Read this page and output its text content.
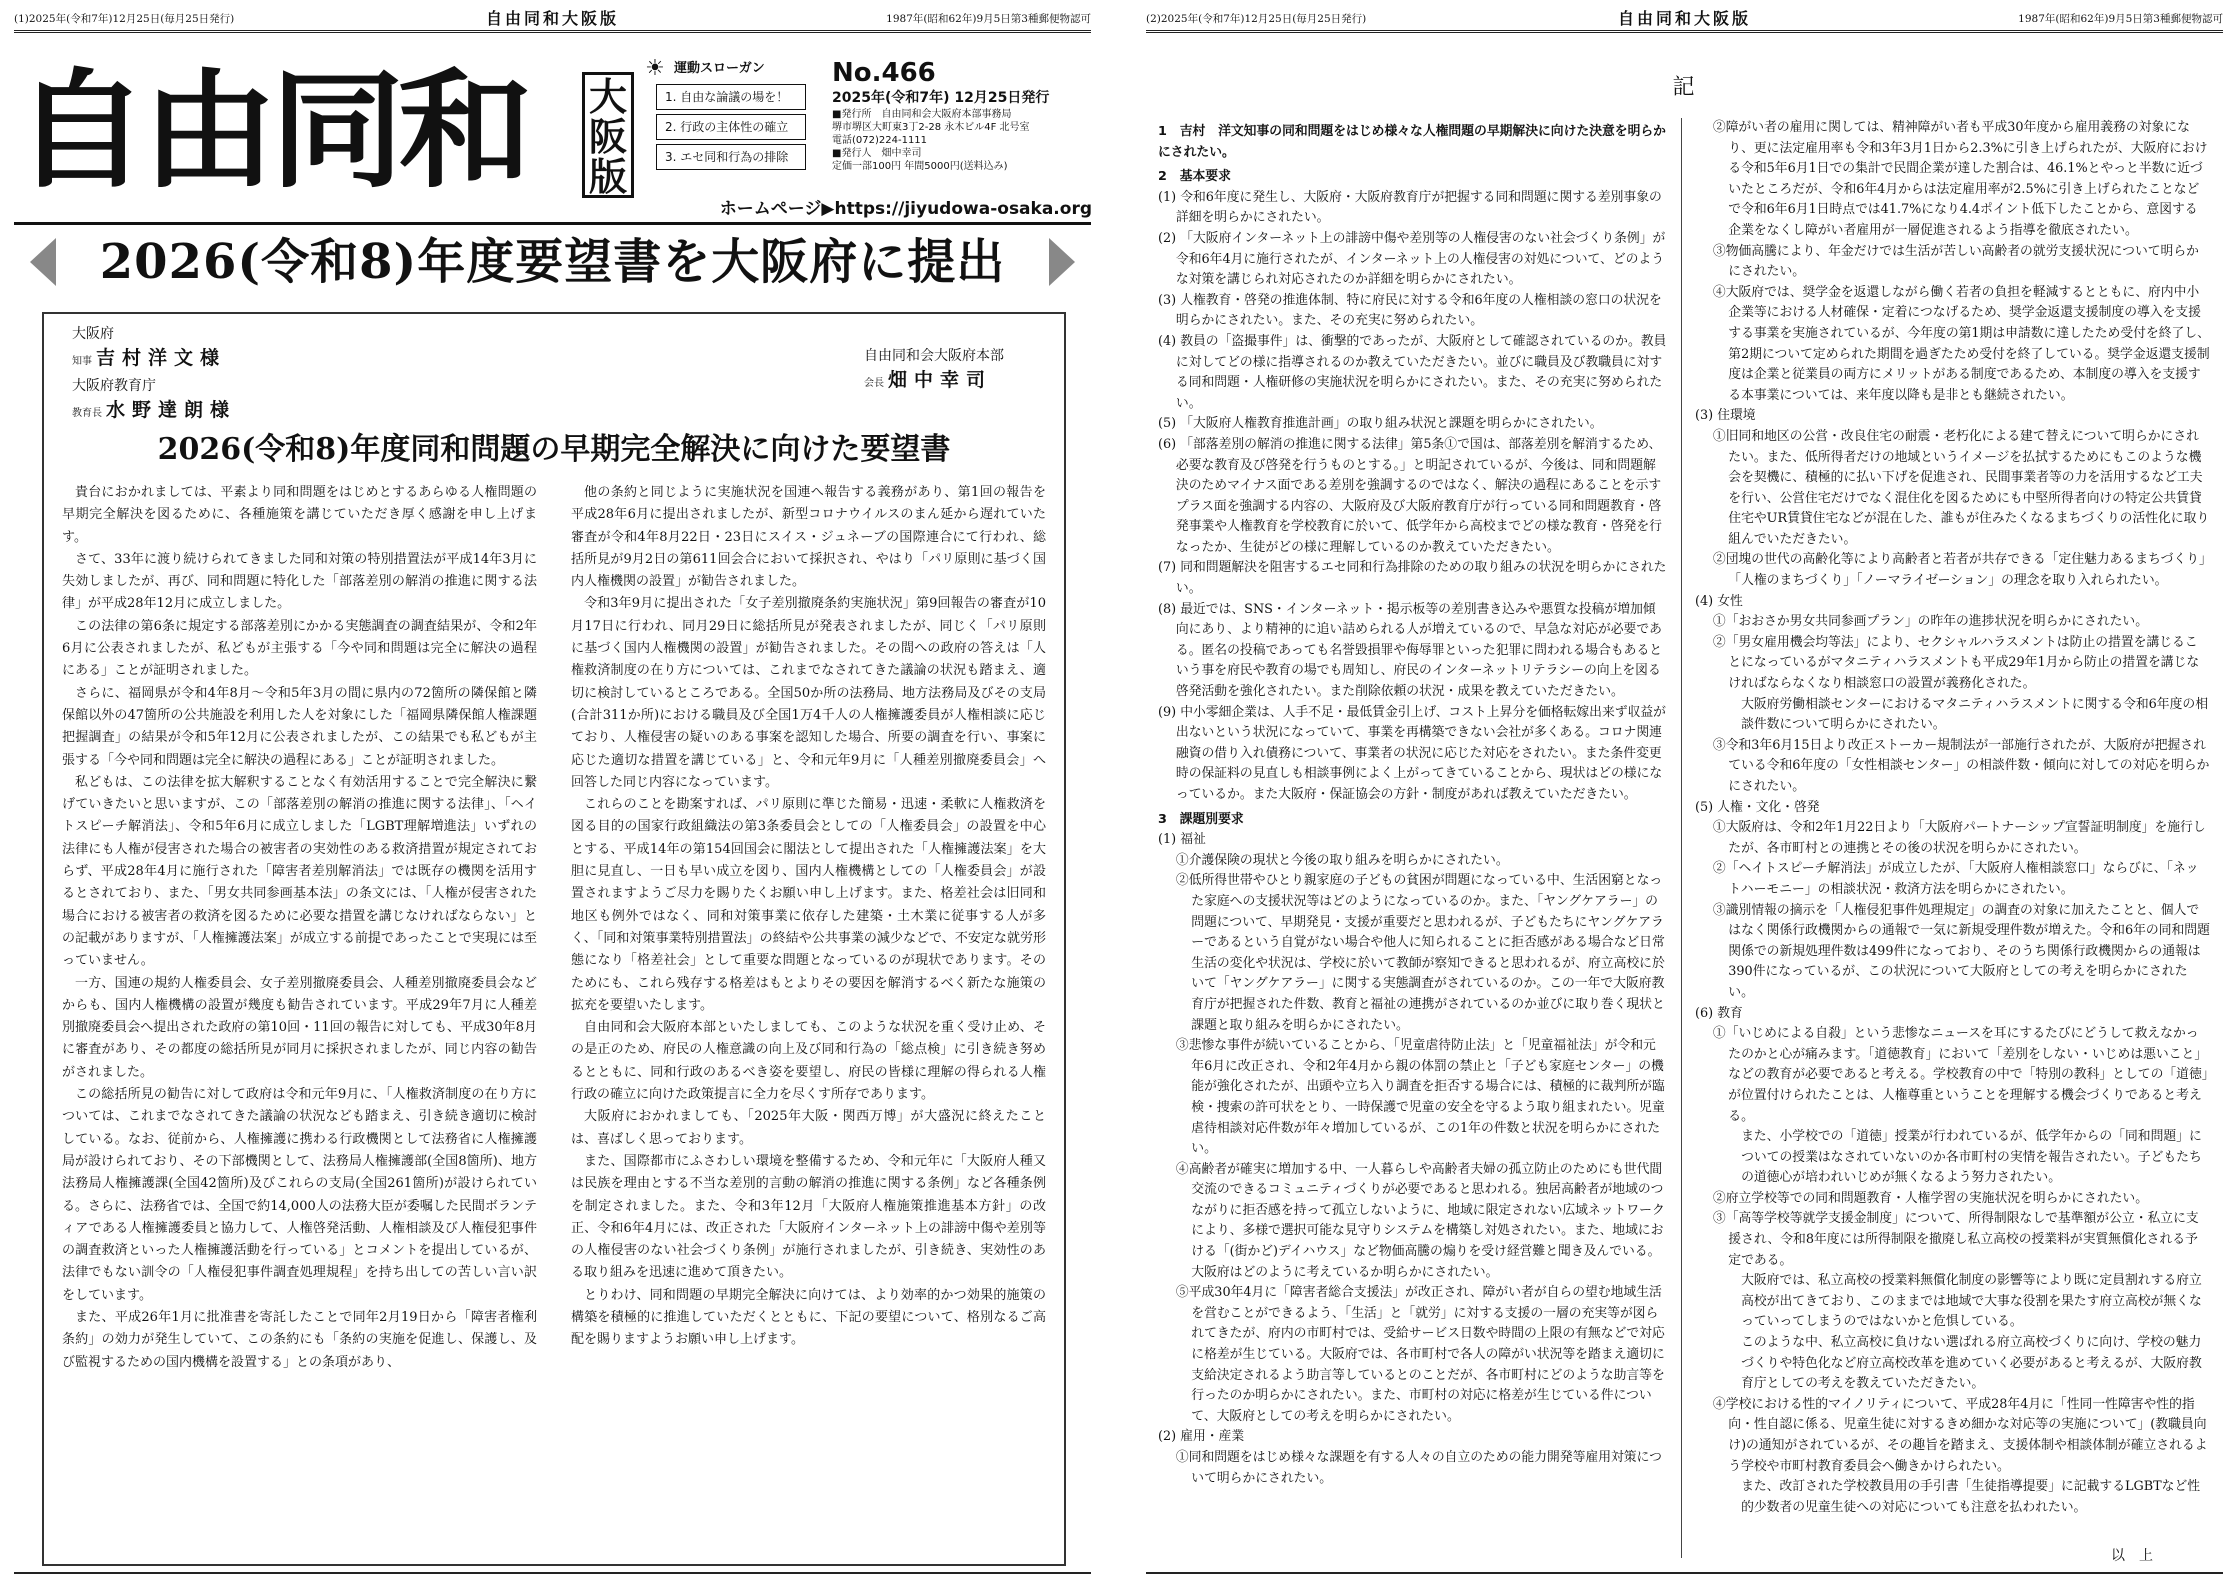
(1)2025年(令和7年)12月25日(毎月25日発行)	自由同和大阪版	1987年(昭和62年)9月5日第3種郵便物認可
自由同和	大阪版
☀ 運動スローガン
1. 自由な論議の場を！
2. 行政の主体性の確立
3. エセ同和行為の排除
No.466
2025年(令和7年) 12月25日発行
■発行所　自由同和会大阪府本部事務局
堺市堺区大町東3丁2-28 永木ビル4F 北号室
電話(072)224-1111
■発行人　畑中幸司
定価一部100円 年間5000円(送料込み)
ホームページ▶https://jiyudowa-osaka.org
2026(令和8)年度要望書を大阪府に提出
大阪府
知事 吉村洋文様
大阪府教育庁
教育長 水野達朗様
自由同和会大阪府本部
会長 畑中幸司
2026(令和8)年度同和問題の早期完全解決に向けた要望書

貴台におかれましては、平素より同和問題をはじめとするあらゆる人権問題の早期完全解決を図るために、各種施策を講じていただき厚く感謝を申し上げます。

さて、33年に渡り続けられてきました同和対策の特別措置法が平成14年3月に失効しましたが、再び、同和問題に特化した「部落差別の解消の推進に関する法律」が平成28年12月に成立しました。

この法律の第6条に規定する部落差別にかかる実態調査の調査結果が、令和2年6月に公表されましたが、私どもが主張する「今や同和問題は完全に解決の過程にある」ことが証明されました。

さらに、福岡県が令和4年8月～令和5年3月の間に県内の72箇所の隣保館と隣保館以外の47箇所の公共施設を利用した人を対象にした「福岡県隣保館人権課題把握調査」の結果が令和5年12月に公表されましたが、この結果でも私どもが主張する「今や同和問題は完全に解決の過程にある」ことが証明されました。

私どもは、この法律を拡大解釈することなく有効活用することで完全解決に繋げていきたいと思いますが、この「部落差別の解消の推進に関する法律」、「ヘイトスピーチ解消法」、令和5年6月に成立しました「LGBT理解増進法」いずれの法律にも人権が侵害された場合の被害者の実効性のある救済措置が規定されておらず、平成28年4月に施行された「障害者差別解消法」では既存の機関を活用するとされており、また、「男女共同参画基本法」の条文には、「人権が侵害された場合における被害者の救済を図るために必要な措置を講じなければならない」との記載がありますが、「人権擁護法案」が成立する前提であったことで実現には至っていません。

一方、国連の規約人権委員会、女子差別撤廃委員会、人種差別撤廃委員会などからも、国内人権機構の設置が幾度も勧告されています。平成29年7月に人種差別撤廃委員会へ提出された政府の第10回・11回の報告に対しても、平成30年8月に審査があり、その都度の総括所見が同月に採択されましたが、同じ内容の勧告がされました。

この総括所見の勧告に対して政府は令和元年9月に、「人権救済制度の在り方については、これまでなされてきた議論の状況なども踏まえ、引き続き適切に検討している。なお、従前から、人権擁護に携わる行政機関として法務省に人権擁護局が設けられており、その下部機関として、法務局人権擁護部(全国8箇所)、地方法務局人権擁護課(全国42箇所)及びこれらの支局(全国261箇所)が設けられている。さらに、法務省では、全国で約14,000人の法務大臣が委嘱した民間ボランティアである人権擁護委員と協力して、人権啓発活動、人権相談及び人権侵犯事件の調査救済といった人権擁護活動を行っている」とコメントを提出しているが、法律でもない訓令の「人権侵犯事件調査処理規程」を持ち出しての苦しい言い訳をしています。

また、平成26年1月に批准書を寄託したことで同年2月19日から「障害者権利条約」の効力が発生していて、この条約にも「条約の実施を促進し、保護し、及び監視するための国内機構を設置する」との条項があり、

他の条約と同じように実施状況を国連へ報告する義務があり、第1回の報告を平成28年6月に提出されましたが、新型コロナウイルスのまん延から遅れていた審査が令和4年8月22日・23日にスイス・ジュネーブの国際連合にて行われ、総括所見が9月2日の第611回会合において採択され、やはり「パリ原則に基づく国内人権機関の設置」が勧告されました。

令和3年9月に提出された「女子差別撤廃条約実施状況」第9回報告の審査が10月17日に行われ、同月29日に総括所見が発表されましたが、同じく「パリ原則に基づく国内人権機関の設置」が勧告されました。その間への政府の答えは「人権救済制度の在り方については、これまでなされてきた議論の状況も踏まえ、適切に検討しているところである。全国50か所の法務局、地方法務局及びその支局(合計311か所)における職員及び全国1万4千人の人権擁護委員が人権相談に応じており、人権侵害の疑いのある事案を認知した場合、所要の調査を行い、事案に応じた適切な措置を講じている」と、令和元年9月に「人種差別撤廃委員会」へ回答した同じ内容になっています。

これらのことを勘案すれば、パリ原則に準じた簡易・迅速・柔軟に人権救済を図る目的の国家行政組織法の第3条委員会としての「人権委員会」の設置を中心とする、平成14年の第154回国会に閣法として提出された「人権擁護法案」を大胆に見直し、一日も早い成立を図り、国内人権機構としての「人権委員会」が設置されますようご尽力を賜りたくお願い申し上げます。また、格差社会は旧同和地区も例外ではなく、同和対策事業に依存した建築・土木業に従事する人が多く、「同和対策事業特別措置法」の終結や公共事業の減少などで、不安定な就労形態になり「格差社会」として重要な問題となっているのが現状であります。そのためにも、これら残存する格差はもとよりその要因を解消するべく新たな施策の拡充を要望いたします。

自由同和会大阪府本部といたしましても、このような状況を重く受け止め、その是正のため、府民の人権意識の向上及び同和行為の「総点検」に引き続き努めるとともに、同和行政のあるべき姿を要望し、府民の皆様に理解の得られる人権行政の確立に向けた政策提言に全力を尽くす所存であります。

大阪府におかれましても、「2025年大阪・関西万博」が大盛況に終えたことは、喜ばしく思っております。

また、国際都市にふさわしい環境を整備するため、令和元年に「大阪府人種又は民族を理由とする不当な差別的言動の解消の推進に関する条例」など各種条例を制定されました。また、令和3年12月「大阪府人権施策推進基本方針」の改正、令和6年4月には、改正された「大阪府インターネット上の誹謗中傷や差別等の人権侵害のない社会づくり条例」が施行されましたが、引き続き、実効性のある取り組みを迅速に進めて頂きたい。

とりわけ、同和問題の早期完全解決に向けては、より効率的かつ効果的施策の構築を積極的に推進していただくとともに、下記の要望について、格別なるご高配を賜りますようお願い申し上げます。

(2)2025年(令和7年)12月25日(毎月25日発行)	自由同和大阪版	1987年(昭和62年)9月5日第3種郵便物認可
記
1　吉村　洋文知事の同和問題をはじめ様々な人権問題の早期解決に向けた決意を明らかにされたい。
2　基本要求
(1) 令和6年度に発生し、大阪府・大阪府教育庁が把握する同和問題に関する差別事象の詳細を明らかにされたい。
(2) 「大阪府インターネット上の誹謗中傷や差別等の人権侵害のない社会づくり条例」が令和6年4月に施行されたが、インターネット上の人権侵害の対処について、どのような対策を講じられ対応されたのか詳細を明らかにされたい。
(3) 人権教育・啓発の推進体制、特に府民に対する令和6年度の人権相談の窓口の状況を明らかにされたい。また、その充実に努められたい。
(4) 教員の「盗撮事件」は、衝撃的であったが、大阪府として確認されているのか。教員に対してどの様に指導されるのか教えていただきたい。並びに職員及び教職員に対する同和問題・人権研修の実施状況を明らかにされたい。また、その充実に努められたい。
(5) 「大阪府人権教育推進計画」の取り組み状況と課題を明らかにされたい。
(6) 「部落差別の解消の推進に関する法律」第5条①で国は、部落差別を解消するため、必要な教育及び啓発を行うものとする。」と明記されているが、今後は、同和問題解決のためマイナス面である差別を強調するのではなく、解決の過程にあることを示すプラス面を強調する内容の、大阪府及び大阪府教育庁が行っている同和問題教育・啓発事業や人権教育を学校教育に於いて、低学年から高校までどの様な教育・啓発を行なったか、生徒がどの様に理解しているのか教えていただきたい。
(7) 同和問題解決を阻害するエセ同和行為排除のための取り組みの状況を明らかにされたい。
(8) 最近では、SNS・インターネット・掲示板等の差別書き込みや悪質な投稿が増加傾向にあり、より精神的に追い詰められる人が増えているので、早急な対応が必要である。匿名の投稿であっても名誉毀損罪や侮辱罪といった犯罪に問われる場合もあるという事を府民や教育の場でも周知し、府民のインターネットリテラシーの向上を図る啓発活動を強化されたい。また削除依頼の状況・成果を教えていただきたい。
(9) 中小零細企業は、人手不足・最低賃金引上げ、コスト上昇分を価格転嫁出来ず収益が出ないという状況になっていて、事業を再構築できない会社が多くある。コロナ関連融資の借り入れ債務について、事業者の状況に応じた対応をされたい。また条件変更時の保証料の見直しも相談事例によく上がってきていることから、現状はどの様になっているか。また大阪府・保証協会の方針・制度があれば教えていただきたい。
3　課題別要求
(1) 福祉
①介護保険の現状と今後の取り組みを明らかにされたい。
②低所得世帯やひとり親家庭の子どもの貧困が問題になっている中、生活困窮となった家庭への支援状況等はどのようになっているのか。また、「ヤングケアラー」の問題について、早期発見・支援が重要だと思われるが、子どもたちにヤングケアラーであるという自覚がない場合や他人に知られることに拒否感がある場合など日常生活の変化や状況は、学校に於いて教師が察知できると思われるが、府立高校に於いて「ヤングケアラー」に関する実態調査がされているのか。この一年で大阪府教育庁が把握された件数、教育と福祉の連携がされているのか並びに取り巻く現状と課題と取り組みを明らかにされたい。
③悲惨な事件が続いていることから、「児童虐待防止法」と「児童福祉法」が令和元年6月に改正され、令和2年4月から親の体罰の禁止と「子ども家庭センター」の機能が強化されたが、出頭や立ち入り調査を拒否する場合には、積極的に裁判所が臨検・捜索の許可状をとり、一時保護で児童の安全を守るよう取り組まれたい。児童虐待相談対応件数が年々増加しているが、この1年の件数と状況を明らかにされたい。
④高齢者が確実に増加する中、一人暮らしや高齢者夫婦の孤立防止のためにも世代間交流のできるコミュニティづくりが必要であると思われる。独居高齢者が地域のつながりに拒否感を持って孤立しないように、地域に限定されない広域ネットワークにより、多様で選択可能な見守りシステムを構築し対処されたい。また、地域における「(街かど)デイハウス」など物価高騰の煽りを受け経営難と聞き及んでいる。大阪府はどのように考えているか明らかにされたい。
⑤平成30年4月に「障害者総合支援法」が改正され、障がい者が自らの望む地域生活を営むことができるよう、「生活」と「就労」に対する支援の一層の充実等が図られてきたが、府内の市町村では、受給サービス日数や時間の上限の有無などで対応に格差が生じている。大阪府では、各市町村で各人の障がい状況等を踏まえ適切に支給決定されるよう助言等しているとのことだが、各市町村にどのような助言等を行ったのか明らかにされたい。また、市町村の対応に格差が生じている件について、大阪府としての考えを明らかにされたい。
(2) 雇用・産業
①同和問題をはじめ様々な課題を有する人々の自立のための能力開発等雇用対策について明らかにされたい。
②障がい者の雇用に関しては、精神障がい者も平成30年度から雇用義務の対象になり、更に法定雇用率も令和3年3月1日から2.3%に引き上げられたが、大阪府における令和5年6月1日での集計で民間企業が達した割合は、46.1%とやっと半数に近づいたところだが、令和6年4月からは法定雇用率が2.5%に引き上げられたことなどで令和6年6月1日時点では41.7%になり4.4ポイント低下したことから、意図する企業をなくし障がい者雇用が一層促進されるよう指導を徹底されたい。
③物価高騰により、年金だけでは生活が苦しい高齢者の就労支援状況について明らかにされたい。
④大阪府では、奨学金を返還しながら働く若者の負担を軽減するとともに、府内中小企業等における人材確保・定着につなげるため、奨学金返還支援制度の導入を支援する事業を実施されているが、今年度の第1期は申請数に達したため受付を終了し、第2期について定められた期間を過ぎたため受付を終了している。奨学金返還支援制度は企業と従業員の両方にメリットがある制度であるため、本制度の導入を支援する本事業については、来年度以降も是非とも継続されたい。
(3) 住環境
①旧同和地区の公営・改良住宅の耐震・老朽化による建て替えについて明らかにされたい。また、低所得者だけの地域というイメージを払拭するためにもこのような機会を契機に、積極的に払い下げを促進され、民間事業者等の力を活用するなど工夫を行い、公営住宅だけでなく混住化を図るためにも中堅所得者向けの特定公共賃貸住宅やUR賃貸住宅などが混在した、誰もが住みたくなるまちづくりの活性化に取り組んでいただきたい。
②団塊の世代の高齢化等により高齢者と若者が共存できる「定住魅力あるまちづくり」「人権のまちづくり」「ノーマライゼーション」の理念を取り入れられたい。
(4) 女性
①「おおさか男女共同参画プラン」の昨年の進捗状況を明らかにされたい。
②「男女雇用機会均等法」により、セクシャルハラスメントは防止の措置を講じることになっているがマタニティハラスメントも平成29年1月から防止の措置を講じなければならなくなり相談窓口の設置が義務化された。
大阪府労働相談センターにおけるマタニティハラスメントに関する令和6年度の相談件数について明らかにされたい。
③令和3年6月15日より改正ストーカー規制法が一部施行されたが、大阪府が把握されている令和6年度の「女性相談センター」の相談件数・傾向に対しての対応を明らかにされたい。
(5) 人権・文化・啓発
①大阪府は、令和2年1月22日より「大阪府パートナーシップ宣誓証明制度」を施行したが、各市町村との連携とその後の状況を明らかにされたい。
②「ヘイトスピーチ解消法」が成立したが、「大阪府人権相談窓口」ならびに、「ネットハーモニー」の相談状況・救済方法を明らかにされたい。
③識別情報の摘示を「人権侵犯事件処理規定」の調査の対象に加えたことと、個人ではなく関係行政機関からの通報で一気に新規受理件数が増えた。令和6年の同和問題関係での新規処理件数は499件になっており、そのうち関係行政機関からの通報は390件になっているが、この状況について大阪府としての考えを明らかにされたい。
(6) 教育
①「いじめによる自殺」という悲惨なニュースを耳にするたびにどうして救えなかったのかと心が痛みます。「道徳教育」において「差別をしない・いじめは悪いこと」などの教育が必要であると考える。学校教育の中で「特別の教科」としての「道徳」が位置付けられたことは、人権尊重ということを理解する機会づくりであると考える。
また、小学校での「道徳」授業が行われているが、低学年からの「同和問題」についての授業はなされていないのか各市町村の実情を報告されたい。子どもたちの道徳心が培われいじめが無くなるよう努力されたい。
②府立学校等での同和問題教育・人権学習の実施状況を明らかにされたい。
③「高等学校等就学支援金制度」について、所得制限なしで基準額が公立・私立に支援され、令和8年度には所得制限を撤廃し私立高校の授業料が実質無償化される予定である。
大阪府では、私立高校の授業料無償化制度の影響等により既に定員割れする府立高校が出てきており、このままでは地域で大事な役割を果たす府立高校が無くなっていってしまうのではないかと危惧している。
このような中、私立高校に負けない選ばれる府立高校づくりに向け、学校の魅力づくりや特色化など府立高校改革を進めていく必要があると考えるが、大阪府教育庁としての考えを教えていただきたい。
④学校における性的マイノリティについて、平成28年4月に「性同一性障害や性的指向・性自認に係る、児童生徒に対するきめ細かな対応等の実施について」(教職員向け)の通知がされているが、その趣旨を踏まえ、支援体制や相談体制が確立されるよう学校や市町村教育委員会へ働きかけられたい。
また、改訂された学校教員用の手引書「生徒指導提要」に記載するLGBTなど性的少数者の児童生徒への対応についても注意を払われたい。
以上
